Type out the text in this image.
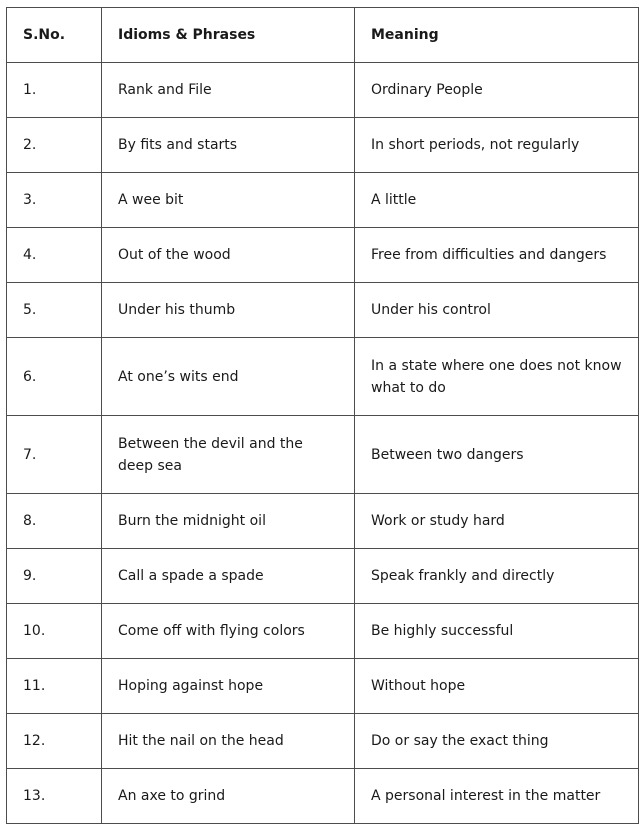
S.No.	Idioms & Phrases	Meaning
1.	Rank and File	Ordinary People
2.	By fits and starts	In short periods, not regularly
3.	A wee bit	A little
4.	Out of the wood	Free from difficulties and dangers
5.	Under his thumb	Under his control
6.	At one’s wits end	In a state where one does not know what to do
7.	Between the devil and the deep sea	Between two dangers
8.	Burn the midnight oil	Work or study hard
9.	Call a spade a spade	Speak frankly and directly
10.	Come off with flying colors	Be highly successful
11.	Hoping against hope	Without hope
12.	Hit the nail on the head	Do or say the exact thing
13.	An axe to grind	A personal interest in the matter
